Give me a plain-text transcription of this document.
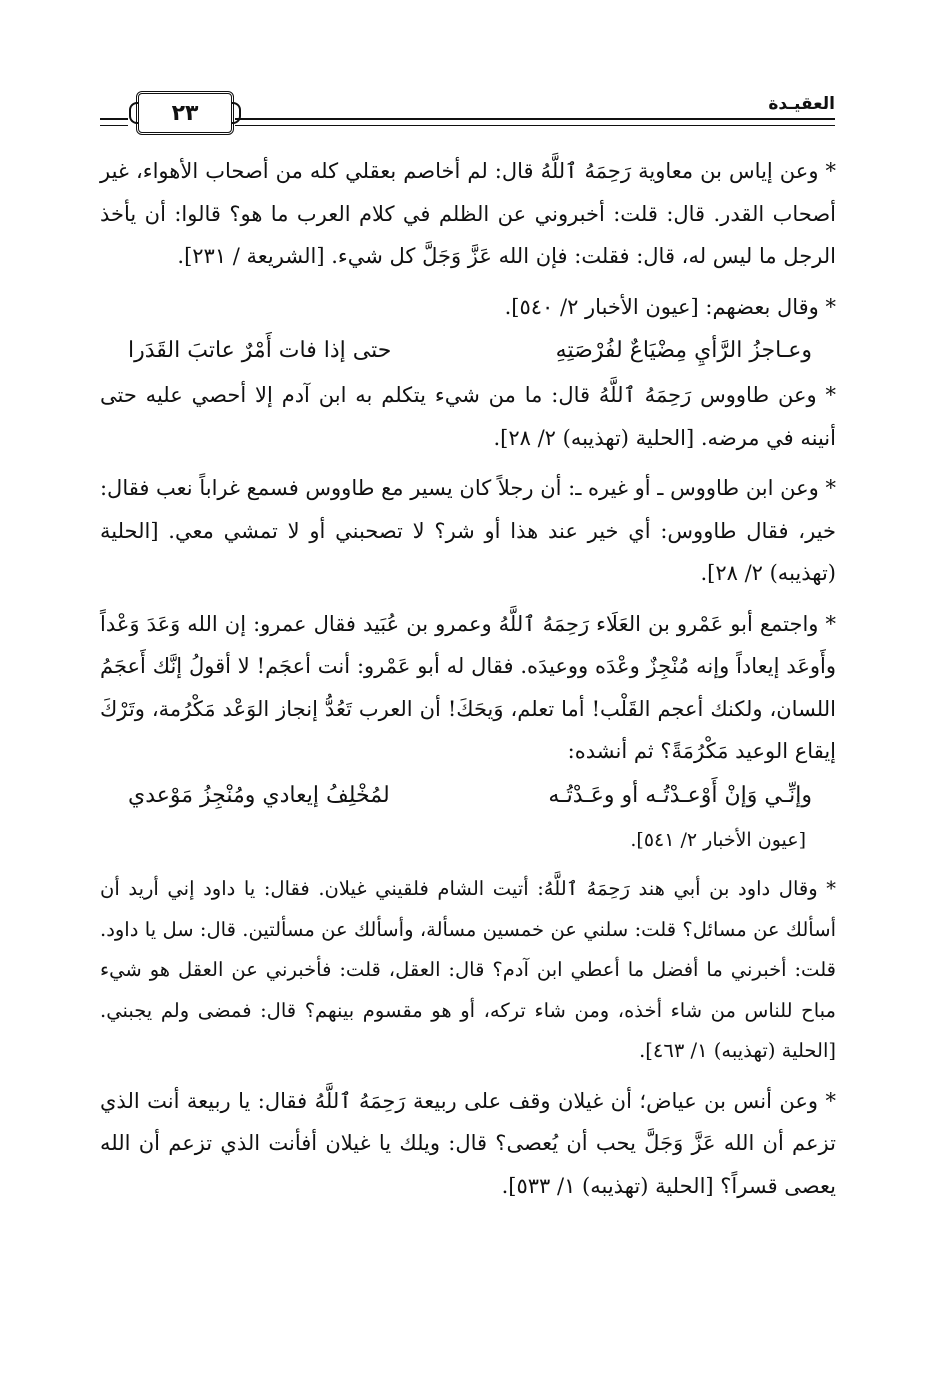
العقيـدة
٢٣

* وعن إياس بن معاوية رَحِمَهُ ٱللَّهُ قال: لم أخاصم بعقلي كله من أصحاب الأهواء، غير أصحاب القدر. قال: قلت: أخبروني عن الظلم في كلام العرب ما هو؟ قالوا: أن يأخذ الرجل ما ليس له، قال: فقلت: فإن الله عَزَّ وَجَلَّ كل شيء. [الشريعة / ٢٣١].

* وقال بعضهم: [عيون الأخبار ٢/ ٥٤٠].

وعـاجزُ الرَّأيِ مِضْيَاعٌ لفُرْصَتِهِ
حتى إذا فات أَمْرٌ عاتبَ القَدَرا

* وعن طاووس رَحِمَهُ ٱللَّهُ قال: ما من شيء يتكلم به ابن آدم إلا أحصي عليه حتى أنينه في مرضه. [الحلية (تهذيبه) ٢/ ٢٨].

* وعن ابن طاووس ـ أو غيره ـ: أن رجلاً كان يسير مع طاووس فسمع غراباً نعب فقال: خير، فقال طاووس: أي خير عند هذا أو شر؟ لا تصحبني أو لا تمشي معي. [الحلية (تهذيبه) ٢/ ٢٨].

* واجتمع أبو عَمْرو بن العَلَاء رَحِمَهُ ٱللَّهُ وعمرو بن عُبَيد فقال عمرو: إن الله وَعَدَ وَعْداً وأَوعَد إيعاداً وإنه مُنْجِزٌ وعْدَه ووعيدَه. فقال له أبو عَمْرو: أنت أعجَم! لا أقولُ إنَّك أَعجَمُ اللسان، ولكنك أعجم القَلْب! أما تعلم، وَيحَكَ! أن العرب تَعُدُّ إنجاز الوَعْد مَكْرُمة، وتَرْكَ إيقاع الوعيد مَكْرُمَةً؟ ثم أنشده:

وإنِّـي وَإنْ أَوْعـدْتُـه أو وعَـدْتُـه
لمُخْلِفُ إيعادي ومُنْجِزُ مَوْعدي

[عيون الأخبار ٢/ ٥٤١].

* وقال داود بن أبي هند رَحِمَهُ ٱللَّهُ: أتيت الشام فلقيني غيلان. فقال: يا داود إني أريد أن أسألك عن مسائل؟ قلت: سلني عن خمسين مسألة، وأسألك عن مسألتين. قال: سل يا داود. قلت: أخبرني ما أفضل ما أعطي ابن آدم؟ قال: العقل، قلت: فأخبرني عن العقل هو شيء مباح للناس من شاء أخذه، ومن شاء تركه، أو هو مقسوم بينهم؟ قال: فمضى ولم يجبني. [الحلية (تهذيبه) ١/ ٤٦٣].

* وعن أنس بن عياض؛ أن غيلان وقف على ربيعة رَحِمَهُ ٱللَّهُ فقال: يا ربيعة أنت الذي تزعم أن الله عَزَّ وَجَلَّ يحب أن يُعصى؟ قال: ويلك يا غيلان أفأنت الذي تزعم أن الله يعصى قسراً؟ [الحلية (تهذيبه) ١/ ٥٣٣].
